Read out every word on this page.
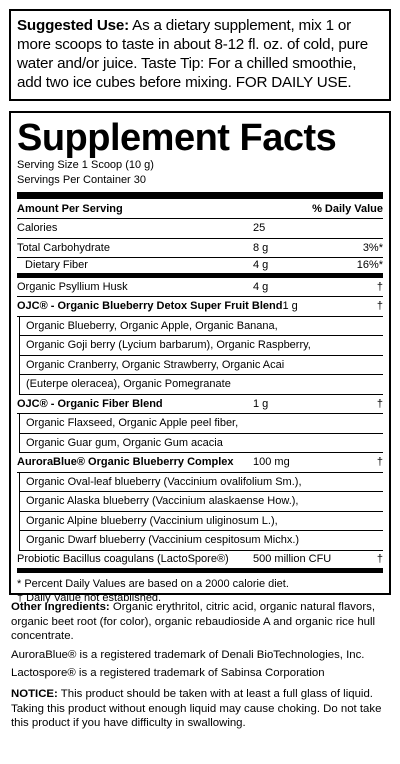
Suggested Use: As a dietary supplement, mix 1 or more scoops to taste in about 8-12 fl. oz. of cold, pure water and/or juice. Taste Tip: For a chilled smoothie, add two ice cubes before mixing. FOR DAILY USE.
Supplement Facts
Serving Size 1 Scoop (10 g)
Servings Per Container 30
Amount Per Serving	% Daily Value
Calories	25
Total Carbohydrate	8 g	3%*
Dietary Fiber	4 g	16%*
Organic Psyllium Husk	4 g	†
OJC® - Organic Blueberry Detox Super Fruit Blend 1 g	†
Organic Blueberry, Organic Apple, Organic Banana,
Organic Goji berry (Lycium barbarum), Organic Raspberry,
Organic Cranberry, Organic Strawberry, Organic Acai
(Euterpe oleracea), Organic Pomegranate
OJC® - Organic Fiber Blend	1 g	†
Organic Flaxseed, Organic Apple peel fiber,
Organic Guar gum, Organic Gum acacia
AuroraBlue® Organic Blueberry Complex	100 mg	†
Organic Oval-leaf blueberry (Vaccinium ovalifolium Sm.),
Organic Alaska blueberry (Vaccinium alaskaense How.),
Organic Alpine blueberry (Vaccinium uliginosum L.),
Organic Dwarf blueberry (Vaccinium cespitosum Michx.)
Probiotic Bacillus coagulans (LactoSpore®)	500 million CFU	†
* Percent Daily Values are based on a 2000 calorie diet.
† Daily Value not established.

Other Ingredients: Organic erythritol, citric acid, organic natural flavors, organic beet root (for color), organic rebaudioside A and organic rice hull concentrate.

AuroraBlue® is a registered trademark of Denali BioTechnologies, Inc.

Lactospore® is a registered trademark of Sabinsa Corporation

NOTICE: This product should be taken with at least a full glass of liquid. Taking this product without enough liquid may cause choking. Do not take this product if you have difficulty in swallowing.
